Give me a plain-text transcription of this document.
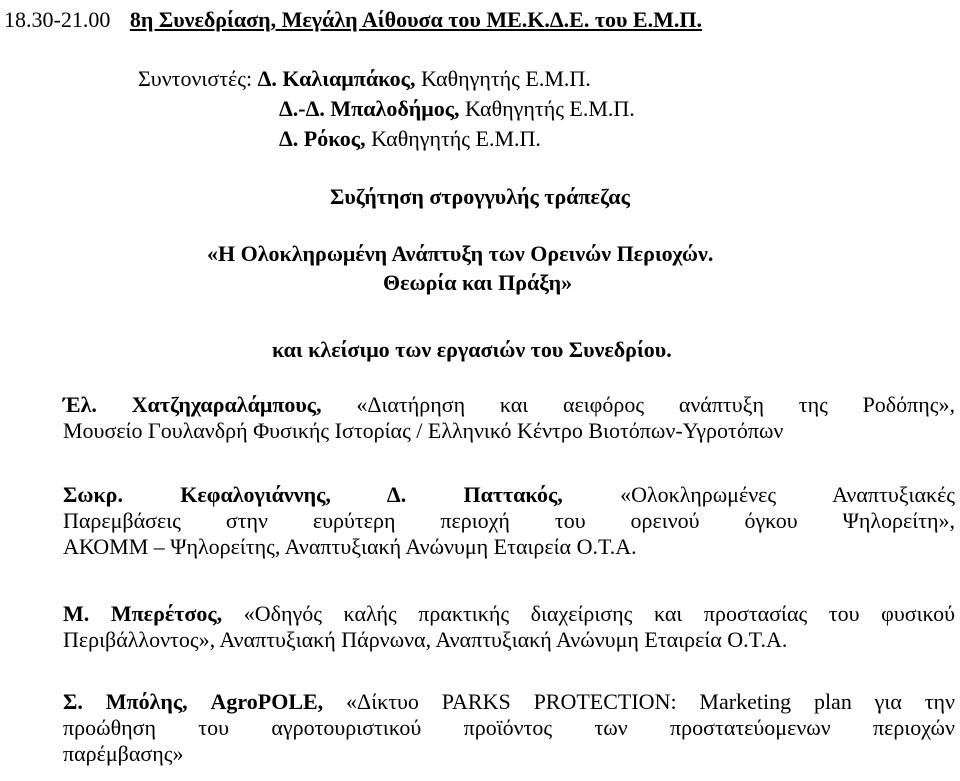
18.30-21.00 8η Συνεδρίαση, Μεγάλη Αίθουσα του ΜΕ.Κ.Δ.Ε. του Ε.Μ.Π.
Συντονιστές: Δ. Καλιαμπάκος, Καθηγητής Ε.Μ.Π.
Δ.-Δ. Μπαλοδήμος, Καθηγητής Ε.Μ.Π.
Δ. Ρόκος, Καθηγητής Ε.Μ.Π.
Συζήτηση στρογγυλής τράπεζας
«Η Ολοκληρωμένη Ανάπτυξη των Ορεινών Περιοχών.
Θεωρία και Πράξη»
και κλείσιμο των εργασιών του Συνεδρίου.
Έλ. Χατζηχαραλάμπους, «Διατήρηση και αειφόρος ανάπτυξη της Ροδόπης»,
Μουσείο Γουλανδρή Φυσικής Ιστορίας / Ελληνικό Κέντρο Βιοτόπων-Υγροτόπων
Σωκρ. Κεφαλογιάννης, Δ. Παττακός,	«Ολοκληρωμένες Αναπτυξιακές
Παρεμβάσεις στην ευρύτερη περιοχή του ορεινού όγκου Ψηλορείτη»,
ΑΚΟΜΜ – Ψηλορείτης, Αναπτυξιακή Ανώνυμη Εταιρεία Ο.Τ.Α.
Μ. Μπερέτσος, «Οδηγός καλής πρακτικής διαχείρισης και προστασίας του φυσικού
Περιβάλλοντος», Αναπτυξιακή Πάρνωνα, Αναπτυξιακή Ανώνυμη Εταιρεία Ο.Τ.Α.
Σ. Μπόλης, AgroPOLE, «Δίκτυο PARKS PROTECTION: Marketing plan για την
προώθηση του αγροτουριστικού προϊόντος των προστατεύομενων περιοχών
παρέμβασης»
